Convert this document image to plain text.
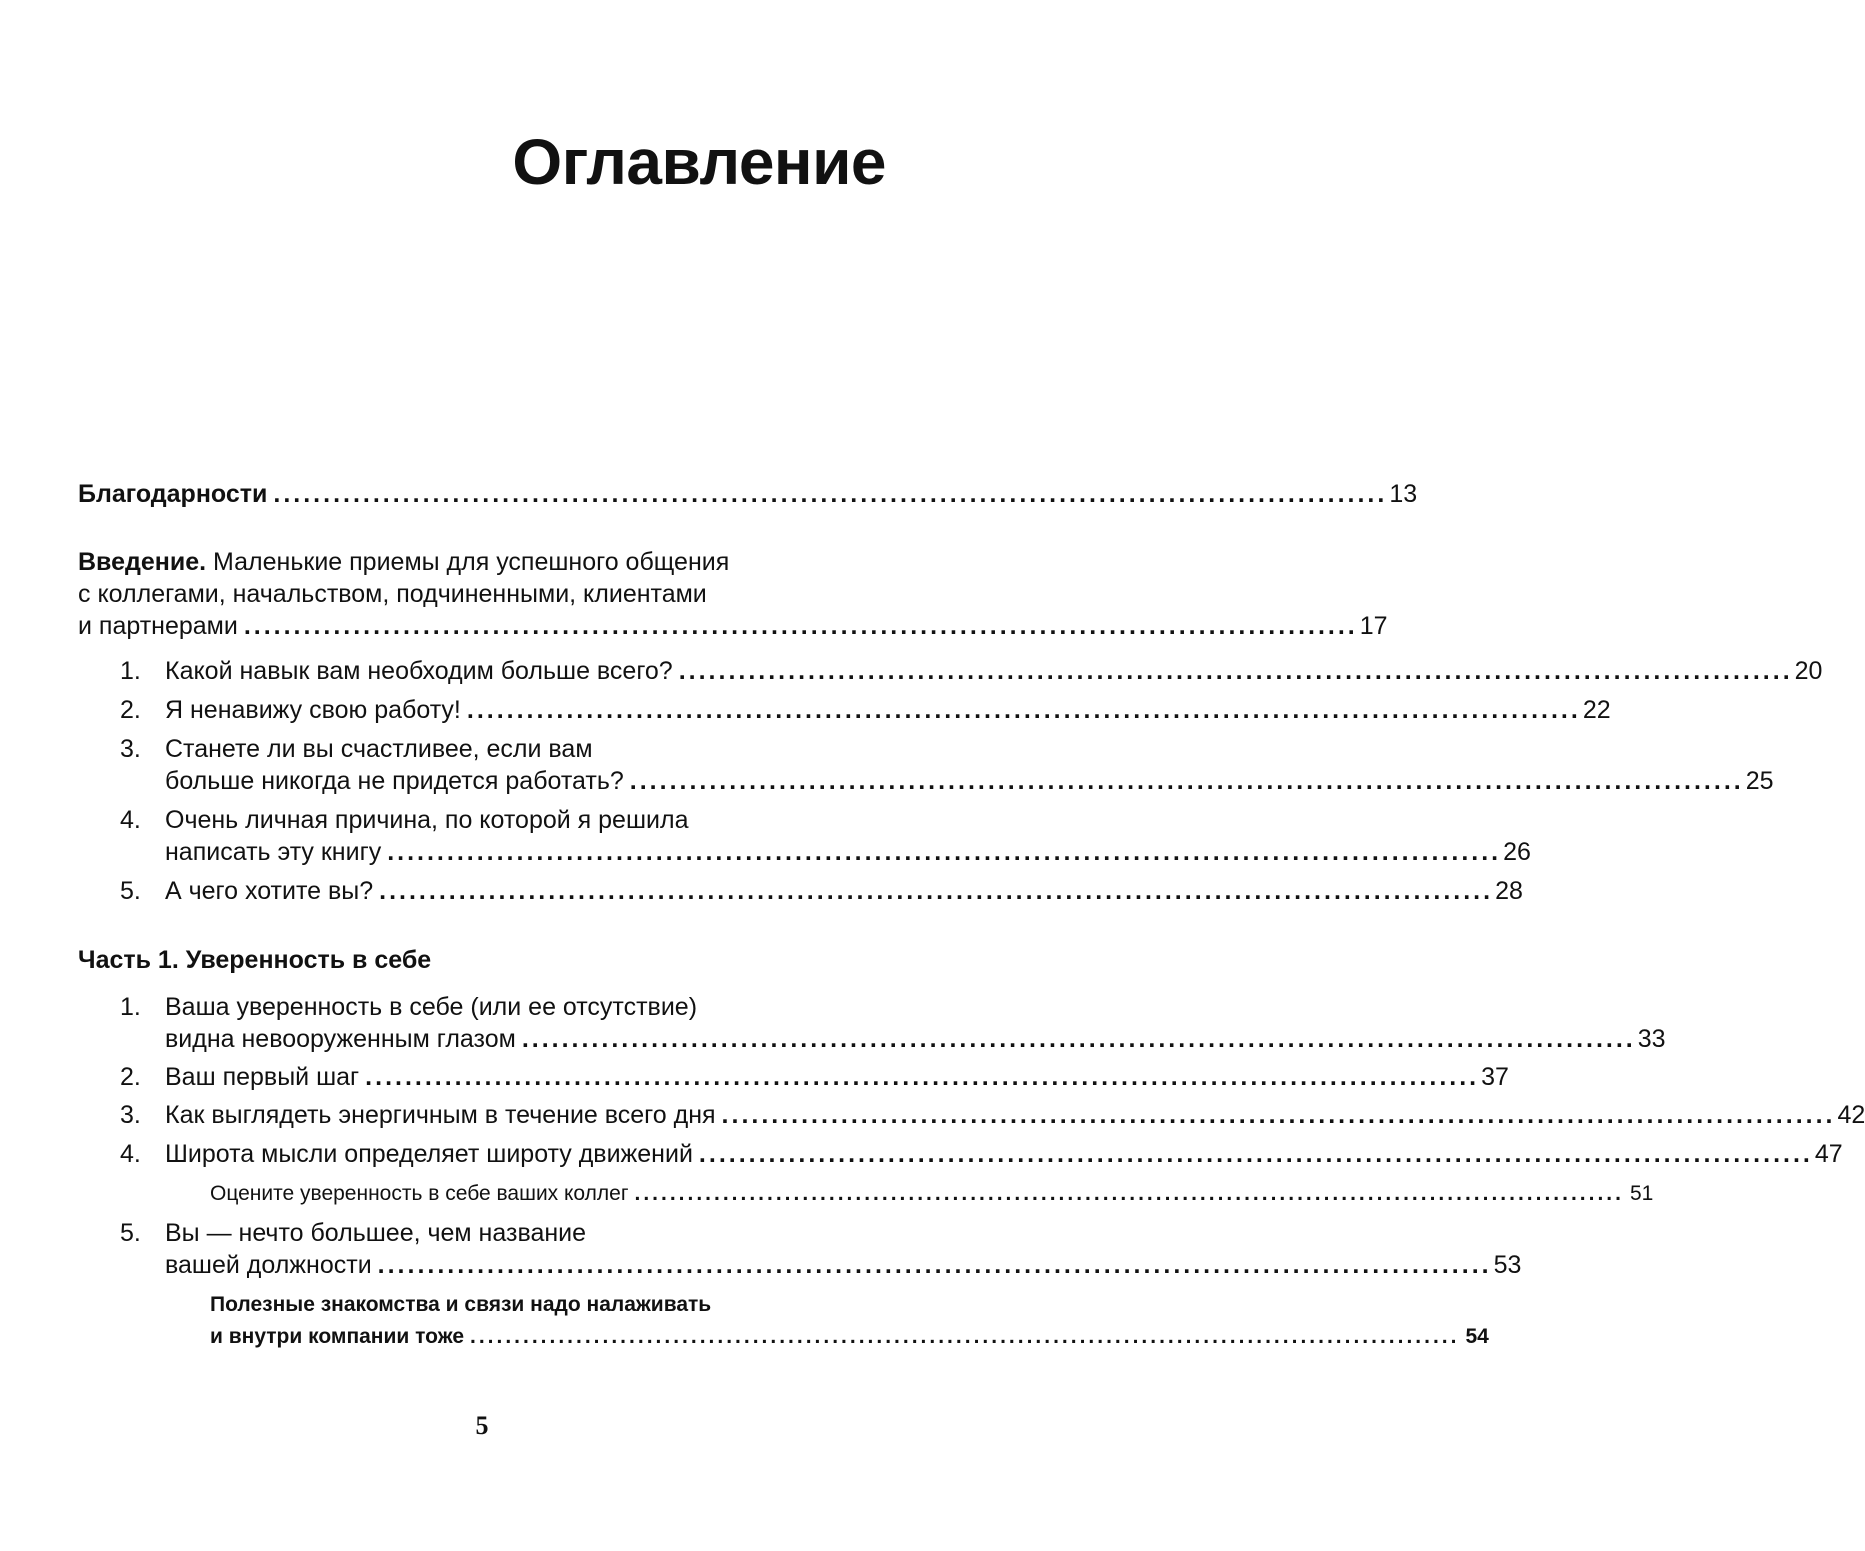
Оглавление
Благодарности ................................................................................................................ 13
Введение. Маленькие приемы для успешного общения
с коллегами, начальством, подчиненными, клиентами
и партнерами ................................................................................................................ 17
1. Какой навык вам необходим больше всего? ................................................................................................................ 20
2. Я ненавижу свою работу! ................................................................................................................ 22
3. Станете ли вы счастливее, если вам
больше никогда не придется работать? ................................................................................................................ 25
4. Очень личная причина, по которой я решила
написать эту книгу ................................................................................................................ 26
5. А чего хотите вы? ................................................................................................................ 28
Часть 1. Уверенность в себе
1. Ваша уверенность в себе (или ее отсутствие)
видна невооруженным глазом ................................................................................................................ 33
2. Ваш первый шаг ................................................................................................................ 37
3. Как выглядеть энергичным в течение всего дня ................................................................................................................ 42
4. Широта мысли определяет широту движений ................................................................................................................ 47
Оцените уверенность в себе ваших коллег ................................................................................................................ 51
5. Вы — нечто большее, чем название
вашей должности ................................................................................................................ 53
Полезные знакомства и связи надо налаживать
и внутри компании тоже ................................................................................................................ 54
5
